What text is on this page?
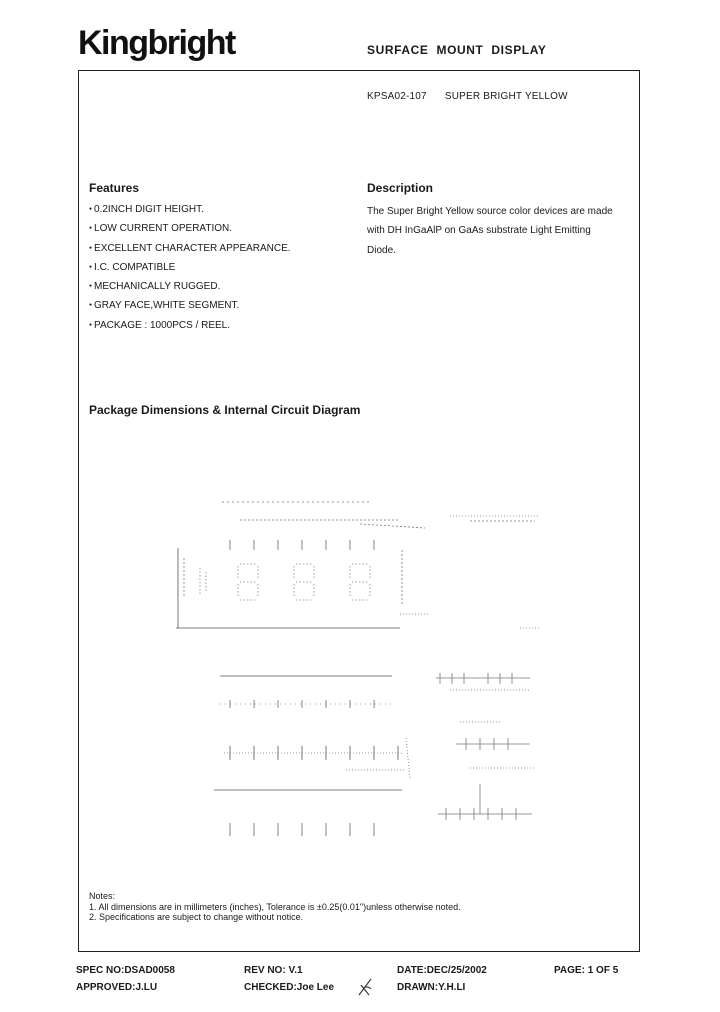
Kingbright	SURFACE MOUNT DISPLAY
KPSA02-107 SUPER BRIGHT YELLOW
Features
● 0.2INCH DIGIT HEIGHT.
● LOW CURRENT OPERATION.
● EXCELLENT CHARACTER APPEARANCE.
● I.C. COMPATIBLE
● MECHANICALLY RUGGED.
● GRAY FACE,WHITE SEGMENT.
● PACKAGE : 1000PCS / REEL.
Description

The Super Bright Yellow source color devices are made with DH InGaAlP on GaAs substrate Light Emitting Diode.

Package Dimensions & Internal Circuit Diagram
Notes:
1. All dimensions are in millimeters (inches), Tolerance is ±0.25(0.01")unless otherwise noted.
2. Specifications are subject to change without notice.
SPEC NO:DSAD0058	REV NO: V.1	DATE:DEC/25/2002	PAGE: 1 OF 5
APPROVED:J.LU	CHECKED:Joe Lee	DRAWN:Y.H.LI
